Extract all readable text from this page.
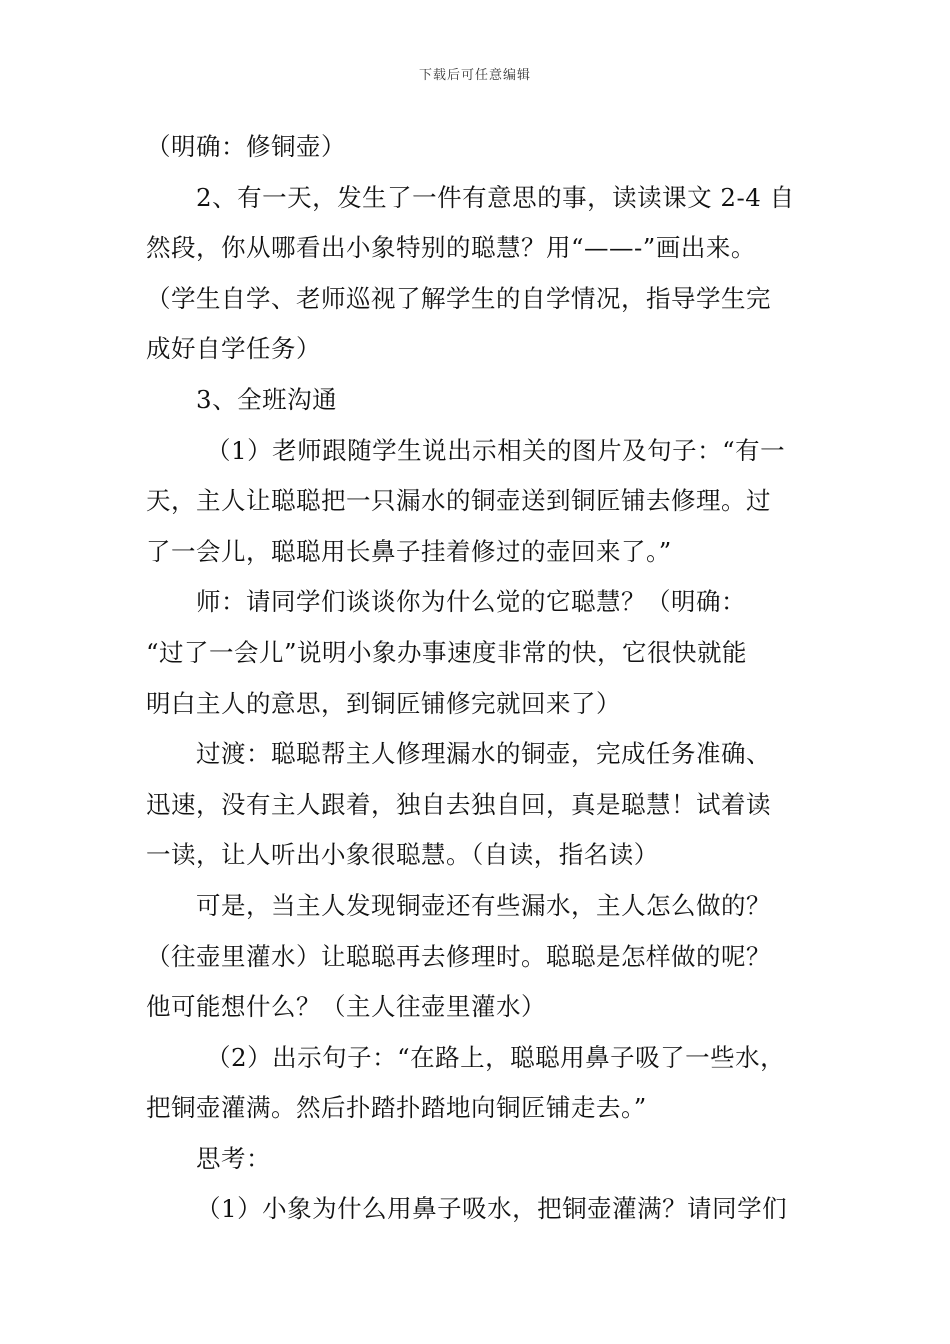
下载后可任意编辑
（明确：修铜壶）
2、有一天，发生了一件有意思的事，读读课文 2-4 自
然段，你从哪看出小象特别的聪慧？用“——-”画出来。
（学生自学、老师巡视了解学生的自学情况，指导学生完
成好自学任务）
3、全班沟通
（1）老师跟随学生说出示相关的图片及句子：“有一
天，主人让聪聪把一只漏水的铜壶送到铜匠铺去修理。过
了一会儿，聪聪用长鼻子挂着修过的壶回来了。”
师：请同学们谈谈你为什么觉的它聪慧？（明确：
“过了一会儿”说明小象办事速度非常的快，它很快就能
明白主人的意思，到铜匠铺修完就回来了）
过渡：聪聪帮主人修理漏水的铜壶，完成任务准确、
迅速，没有主人跟着，独自去独自回，真是聪慧！试着读
一读，让人听出小象很聪慧。（自读，指名读）
可是，当主人发现铜壶还有些漏水，主人怎么做的？
（往壶里灌水）让聪聪再去修理时。聪聪是怎样做的呢？
他可能想什么？（主人往壶里灌水）
（2）出示句子：“在路上，聪聪用鼻子吸了一些水，
把铜壶灌满。然后扑踏扑踏地向铜匠铺走去。”
思考：
（1）小象为什么用鼻子吸水，把铜壶灌满？请同学们
